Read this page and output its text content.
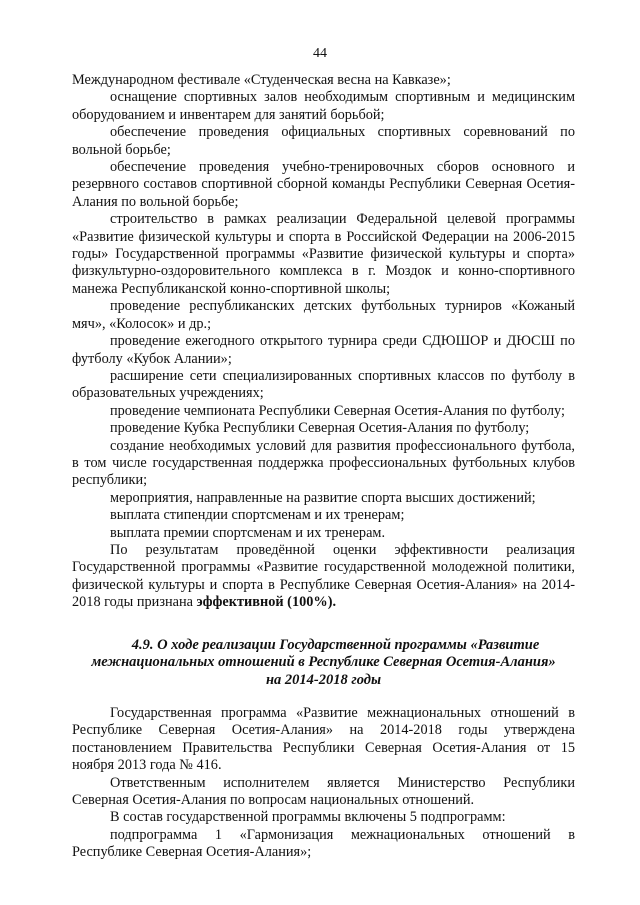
44

Международном фестивале «Студенческая весна на Кавказе»;

оснащение спортивных залов необходимым спортивным и медицинским оборудованием и инвентарем для занятий борьбой;

обеспечение проведения официальных спортивных соревнований по вольной борьбе;

обеспечение проведения учебно-тренировочных сборов основного и резервного составов спортивной сборной команды Республики Северная Осетия-Алания по вольной борьбе;

строительство в рамках реализации Федеральной целевой программы «Развитие физической культуры и спорта в Российской Федерации на 2006-2015 годы» Государственной программы «Развитие физической культуры и спорта» физкультурно-оздоровительного комплекса в г. Моздок и конно-спортивного манежа Республиканской конно-спортивной школы;

проведение республиканских детских футбольных турниров «Кожаный мяч», «Колосок» и др.;

проведение ежегодного открытого турнира среди СДЮШОР и ДЮСШ по футболу «Кубок Алании»;

расширение сети специализированных спортивных классов по футболу в образовательных учреждениях;

проведение чемпионата Республики Северная Осетия-Алания по футболу;

проведение Кубка Республики Северная Осетия-Алания по футболу;

создание необходимых условий для развития профессионального футбола, в том числе государственная поддержка профессиональных футбольных клубов республики;

мероприятия, направленные на развитие спорта высших достижений;

выплата стипендии спортсменам и их тренерам;

выплата премии спортсменам и их тренерам.

По результатам проведённой оценки эффективности реализация Государственной программы «Развитие государственной молодежной политики, физической культуры и спорта в Республике Северная Осетия-Алания» на 2014-2018 годы признана эффективной (100%).

4.9. О ходе реализации Государственной программы «Развитие
межнациональных отношений в Республике Северная Осетия-Алания»
на 2014-2018 годы

Государственная программа «Развитие межнациональных отношений в Республике Северная Осетия-Алания» на 2014-2018 годы утверждена постановлением Правительства Республики Северная Осетия-Алания от 15 ноября 2013 года № 416.

Ответственным исполнителем является Министерство Республики Северная Осетия-Алания по вопросам национальных отношений.

В состав государственной программы включены 5 подпрограмм:

подпрограмма 1 «Гармонизация межнациональных отношений в Республике Северная Осетия-Алания»;
